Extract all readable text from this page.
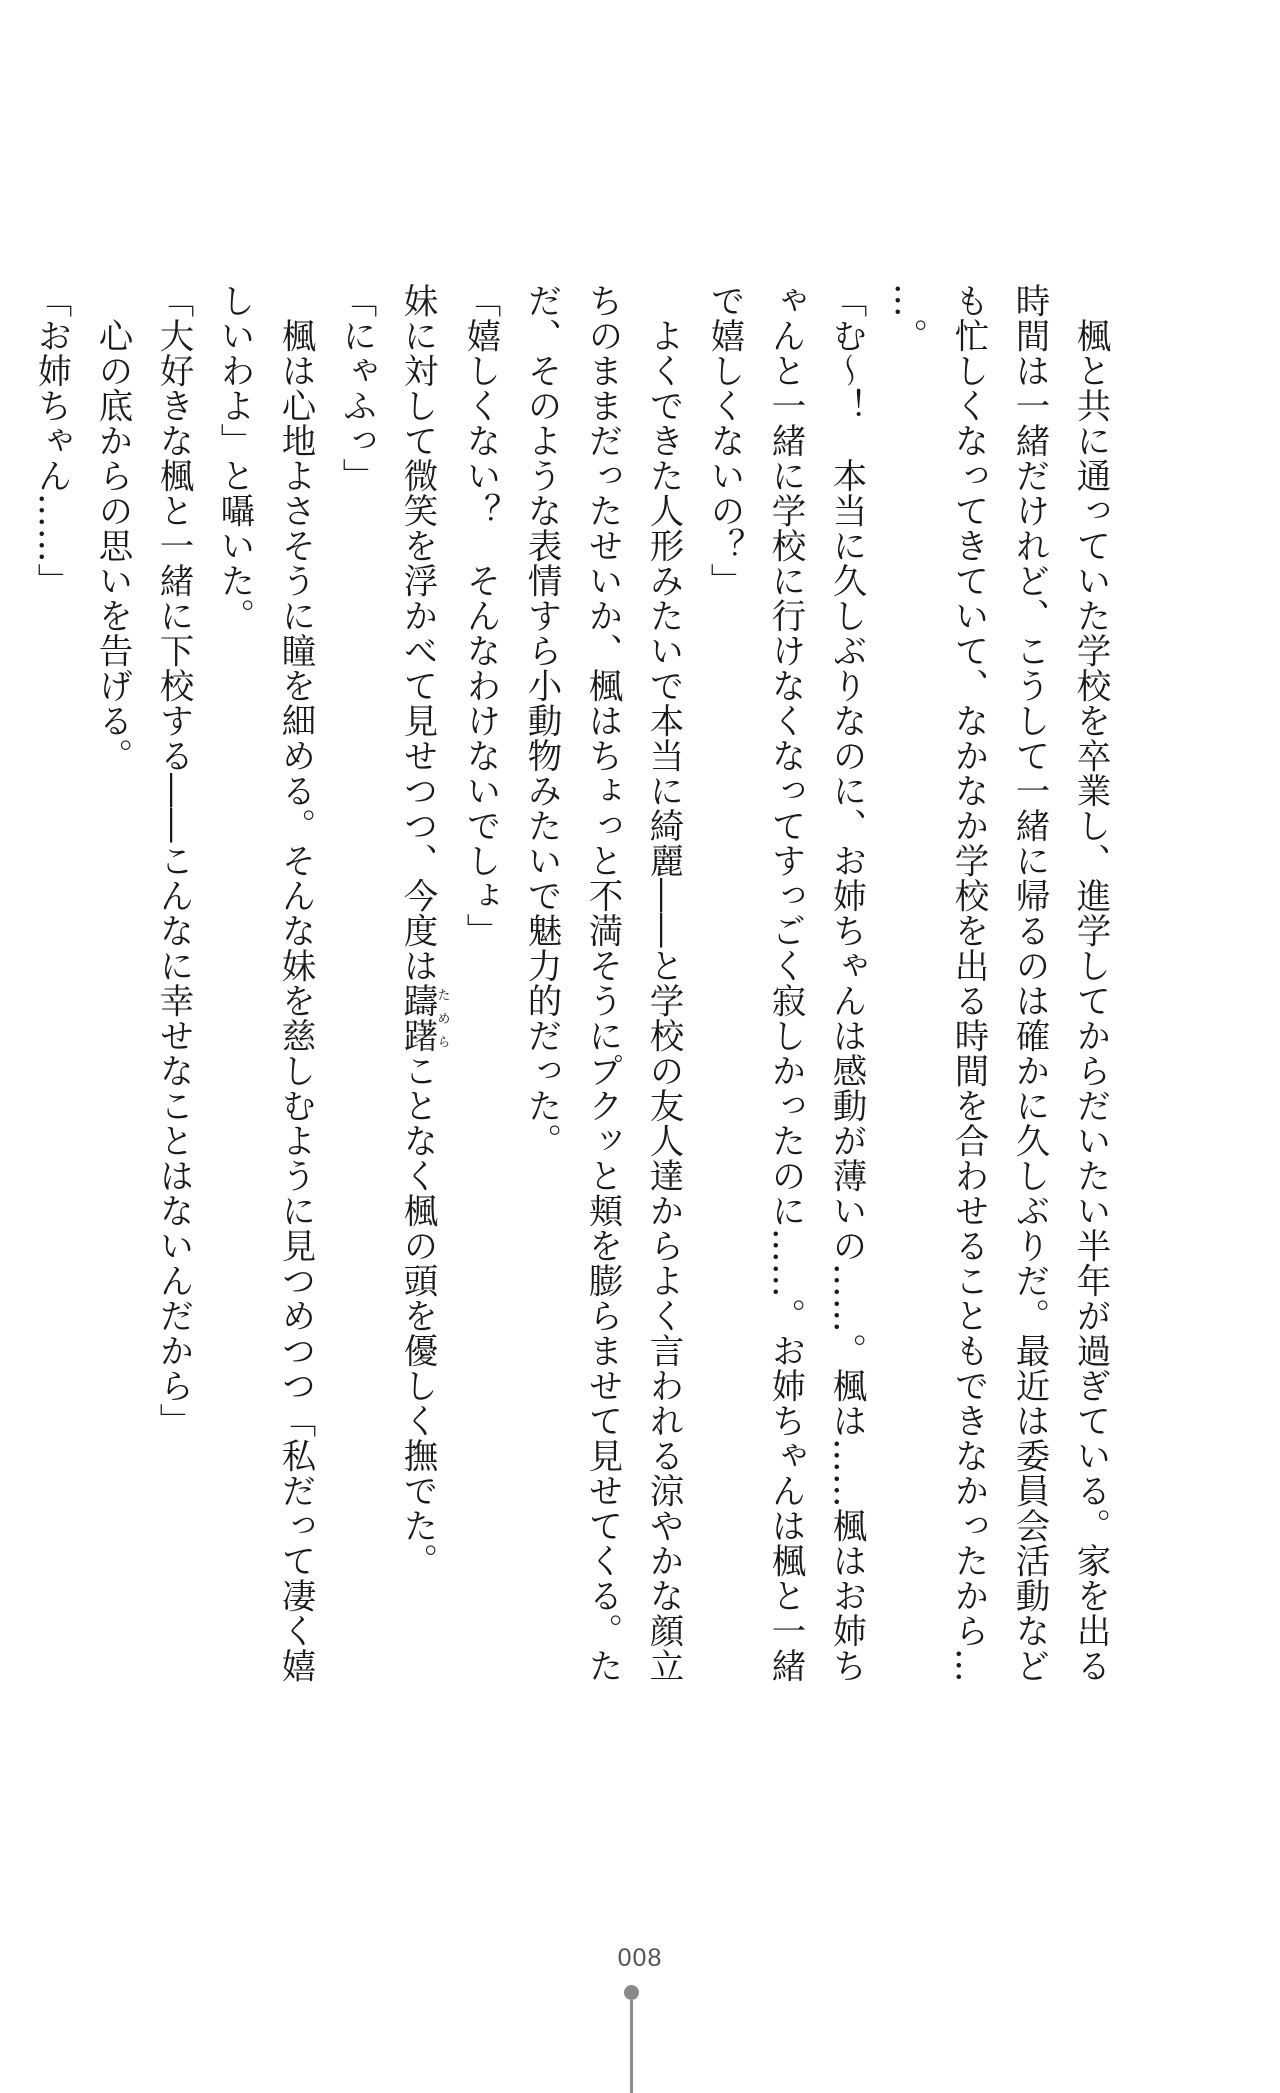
　楓と共に通っていた学校を卒業し、進学してからだいたい半年が過ぎている。家を出る

時間は一緒だけれど、こうして一緒に帰るのは確かに久しぶりだ。最近は委員会活動など

も忙しくなってきていて、なかなか学校を出る時間を合わせることもできなかったから…

…。

「む～！　本当に久しぶりなのに、お姉ちゃんは感動が薄いの……。楓は……楓はお姉ち

ゃんと一緒に学校に行けなくなってすっごく寂しかったのに……。お姉ちゃんは楓と一緒

で嬉しくないの？」

　よくできた人形みたいで本当に綺麗――と学校の友人達からよく言われる涼やかな顔立

ちのままだったせいか、楓はちょっと不満そうにプクッと頬を膨らませて見せてくる。た

だ、そのような表情すら小動物みたいで魅力的だった。

「嬉しくない？　そんなわけないでしょ」

妹に対して微笑を浮かべて見せつつ、今度は躊躇ためらことなく楓の頭を優しく撫でた。

「にゃふっ」

　楓は心地よさそうに瞳を細める。そんな妹を慈しむように見つめつつ「私だって凄く嬉

しいわよ」と囁いた。

「大好きな楓と一緒に下校する――こんなに幸せなことはないんだから」

　心の底からの思いを告げる。

「お姉ちゃん……」

008
